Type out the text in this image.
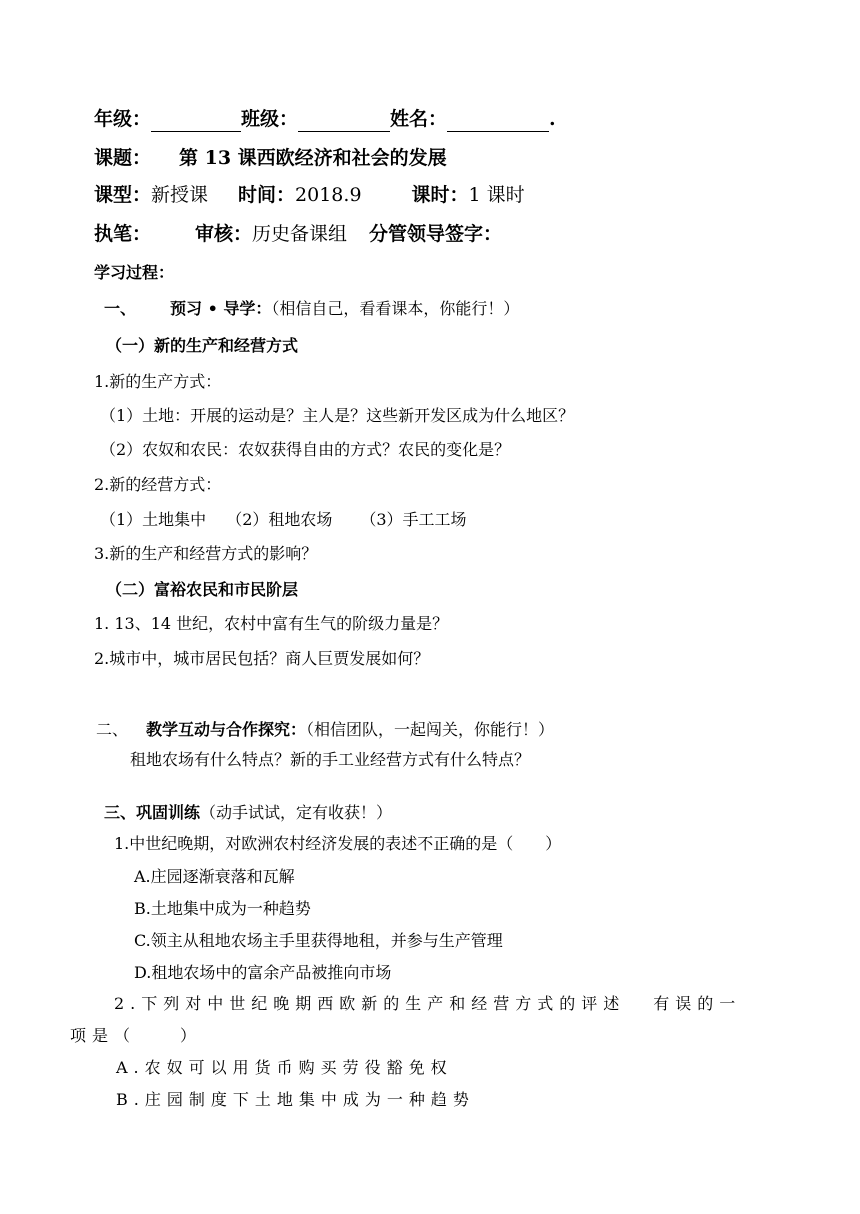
年级：	班级：	姓名：	.
课题： 第 13 课西欧经济和社会的发展
课型：新授课 时间：2018.9	课时：1 课时
执笔： 审核：历史备课组 分管领导签字：
学习过程：
一、 预习 • 导学：（相信自己，看看课本，你能行！）
（一）新的生产和经营方式
1.新的生产方式：
（1）土地：开展的运动是？主人是？这些新开发区成为什么地区？
（2）农奴和农民：农奴获得自由的方式？农民的变化是？
2.新的经营方式：
（1）土地集中 （2）租地农场 （3）手工工场
3.新的生产和经营方式的影响？
（二）富裕农民和市民阶层
1. 13、14 世纪，农村中富有生气的阶级力量是？
2.城市中，城市居民包括？商人巨贾发展如何？
二、 教学互动与合作探究：（相信团队，一起闯关，你能行！）
租地农场有什么特点？新的手工业经营方式有什么特点？
三、巩固训练（动手试试，定有收获！）
1.中世纪晚期，对欧洲农村经济发展的表述不正确的是（　　）
A.庄园逐渐衰落和瓦解
B.土地集中成为一种趋势
C.领主从租地农场主手里获得地租，并参与生产管理
D.租地农场中的富余产品被推向市场
2.下列对中世纪晚期西欧新的生产和经营方式的评述 有误的一
项是（　　）
A.农奴可以用货币购买劳役豁免权
B.庄园制度下土地集中成为一种趋势
